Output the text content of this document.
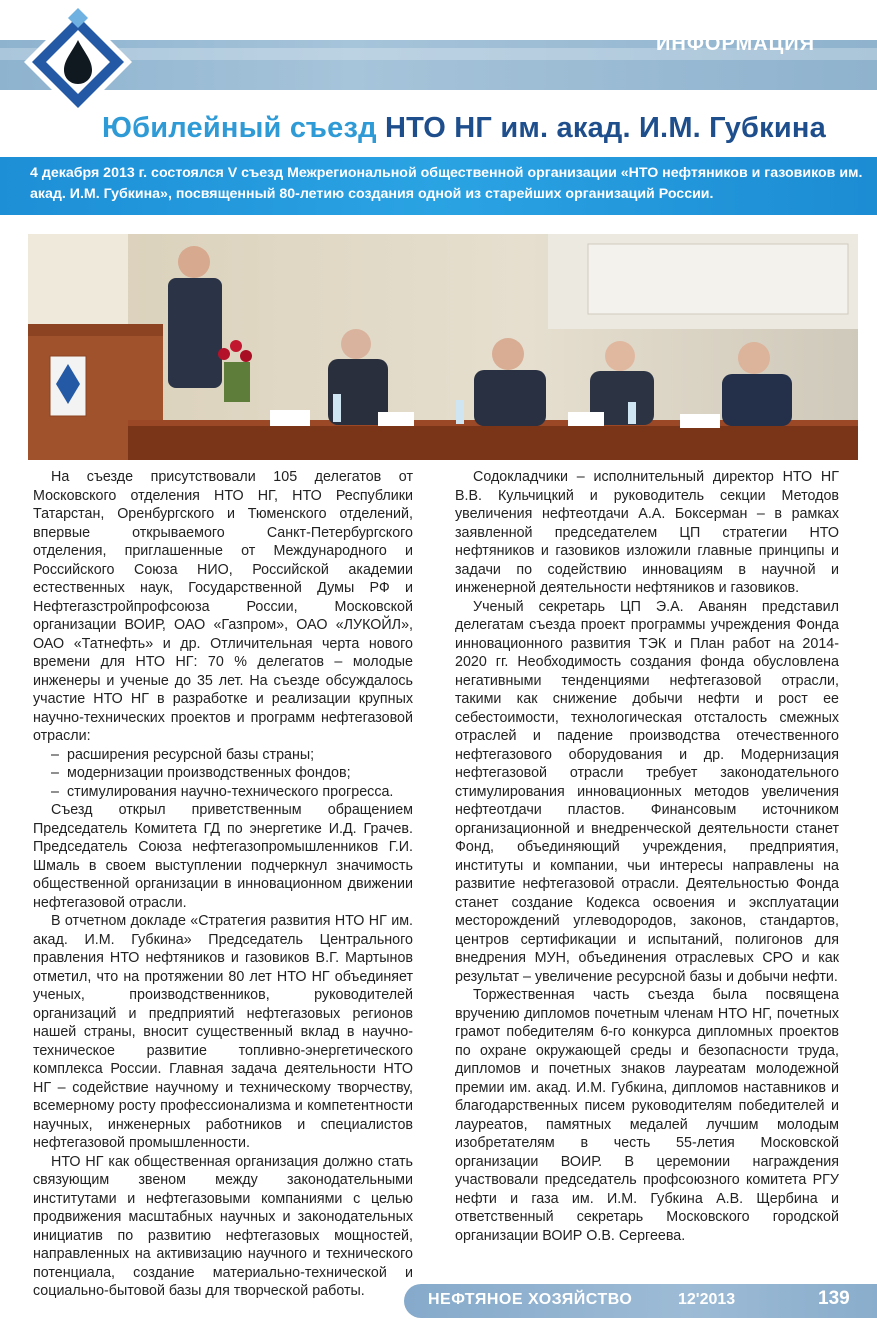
ИНФОРМАЦИЯ
Юбилейный съезд НТО НГ им. акад. И.М. Губкина

4 декабря 2013 г. состоялся V съезд Межрегиональной общественной организации «НТО нефтяников и газовиков им. акад. И.М. Губкина», посвященный 80-летию создания одной из старейших организаций России.

На съезде присутствовали 105 делегатов от Московского отделения НТО НГ, НТО Республики Татарстан, Оренбургского и Тюменского отделений, впервые открываемого Санкт-Петербургского отделения, приглашенные от Международного и Российского Союза НИО, Российской академии естественных наук, Государственной Думы РФ и Нефтегазстройпрофсоюза России, Московской организации ВОИР, ОАО «Газпром», ОАО «ЛУКОЙЛ», ОАО «Татнефть» и др. Отличительная черта нового времени для НТО НГ: 70 % делегатов – молодые инженеры и ученые до 35 лет. На съезде обсуждалось участие НТО НГ в разработке и реализации крупных научно-технических проектов и программ нефтегазовой отрасли:

– расширения ресурсной базы страны;
– модернизации производственных фондов;
– стимулирования научно-технического прогресса.

Съезд открыл приветственным обращением Председатель Комитета ГД по энергетике И.Д. Грачев. Председатель Союза нефтегазопромышленников Г.И. Шмаль в своем выступлении подчеркнул значимость общественной организации в инновационном движении нефтегазовой отрасли.

В отчетном докладе «Стратегия развития НТО НГ им. акад. И.М. Губкина» Председатель Центрального правления НТО нефтяников и газовиков В.Г. Мартынов отметил, что на протяжении 80 лет НТО НГ объединяет ученых, производственников, руководителей организаций и предприятий нефтегазовых регионов нашей страны, вносит существенный вклад в научно-техническое развитие топливно-энергетического комплекса России. Главная задача деятельности НТО НГ – содействие научному и техническому творчеству, всемерному росту профессионализма и компетентности научных, инженерных работников и специалистов нефтегазовой промышленности.

НТО НГ как общественная организация должно стать связующим звеном между законодательными институтами и нефтегазовыми компаниями с целью продвижения масштабных научных и законодательных инициатив по развитию нефтегазовых мощностей, направленных на активизацию научного и технического потенциала, создание материально-технической и социально-бытовой базы для творческой работы.

Содокладчики – исполнительный директор НТО НГ В.В. Кульчицкий и руководитель секции Методов увеличения нефтеотдачи А.А. Боксерман – в рамках заявленной председателем ЦП стратегии НТО нефтяников и газовиков изложили главные принципы и задачи по содействию инновациям в научной и инженерной деятельности нефтяников и газовиков.

Ученый секретарь ЦП Э.А. Аванян представил делегатам съезда проект программы учреждения Фонда инновационного развития ТЭК и План работ на 2014-2020 гг. Необходимость создания фонда обусловлена негативными тенденциями нефтегазовой отрасли, такими как снижение добычи нефти и рост ее себестоимости, технологическая отсталость смежных отраслей и падение производства отечественного нефтегазового оборудования и др. Модернизация нефтегазовой отрасли требует законодательного стимулирования инновационных методов увеличения нефтеотдачи пластов. Финансовым источником организационной и внедренческой деятельности станет Фонд, объединяющий учреждения, предприятия, институты и компании, чьи интересы направлены на развитие нефтегазовой отрасли. Деятельностью Фонда станет создание Кодекса освоения и эксплуатации месторождений углеводородов, законов, стандартов, центров сертификации и испытаний, полигонов для внедрения МУН, объединения отраслевых СРО и как результат – увеличение ресурсной базы и добычи нефти.

Торжественная часть съезда была посвящена вручению дипломов почетным членам НТО НГ, почетных грамот победителям 6-го конкурса дипломных проектов по охране окружающей среды и безопасности труда, дипломов и почетных знаков лауреатам молодежной премии им. акад. И.М. Губкина, дипломов наставников и благодарственных писем руководителям победителей и лауреатов, памятных медалей лучшим молодым изобретателям в честь 55-летия Московской организации ВОИР. В церемонии награждения участвовали председатель профсоюзного комитета РГУ нефти и газа им. И.М. Губкина А.В. Щербина и ответственный секретарь Московского городской организации ВОИР О.В. Сергеева.

НЕФТЯНОЕ ХОЗЯЙСТВО	12'2013	139
